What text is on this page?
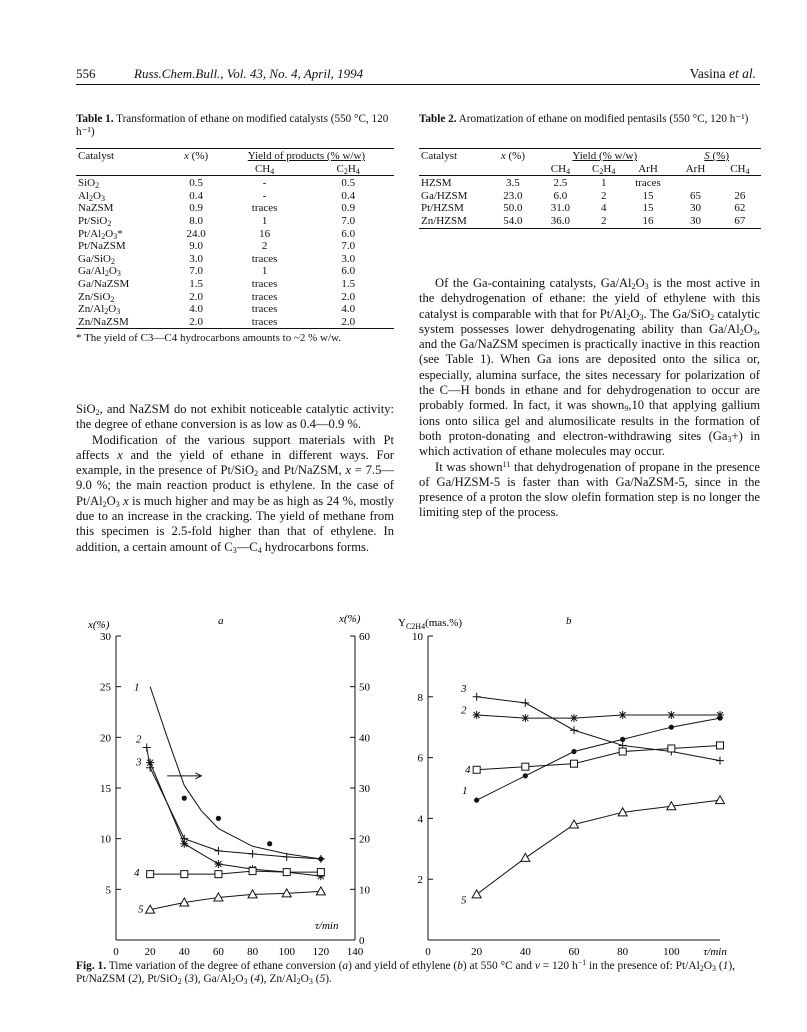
556	Russ.Chem.Bull., Vol. 43, No. 4, April, 1994	Vasina et al.
Table 1. Transformation of ethane on modified catalysts (550 °C, 120 h⁻¹)

Catalyst	x (%)	Yield of products (% w/w)		
		$CH_4$	$C_2H_4$	

SiO$_2$	0.5	-	0.5	
$Al_2O_3$	0.4	-	0.4	
NaZSM	0.9	traces	0.9	
Pt/SiO$_2$	8.0	1	7.0	
$Pt/Al_2O_3*$	24.0	16	6.0	
Pt/NaZSM	9.0	2	7.0	
Ga/SiO$_2$	3.0	traces	3.0	
$Ga/Al_2O_3$	7.0	1	6.0	
Ga/NaZSM	1.5	traces	1.5	
Zn/SiO$_2$	2.0	traces	2.0	
$Zn/Al_2O_3$	4.0	traces	4.0	
Zn/NaZSM	2.0	traces	2.0	

* The yield of C3—C4 hydrocarbons amounts to ~2 % w/w.
Table 2. Aromatization of ethane on modified pentasils (550 °C, 120 h⁻¹)

Catalyst	x (%)	Yield (% w/w)			S (%)	
		$CH_4$	$C_2H_4$	ArH	ArH	$CH_4$

HZSM	3.5	2.5	1	traces		
Ga/HZSM	23.0	6.0	2	15	65	26
Pt/HZSM	50.0	31.0	4	15	30	62
Zn/HZSM	54.0	36.0	2	16	30	67

SiO$_2$, and NaZSM do not exhibit noticeable catalytic activity: the degree of ethane conversion is as low as 0.4—0.9 %.

Modification of the various support materials with Pt affects x and the yield of ethane in different ways. For example, in the presence of Pt/SiO$_2$ and Pt/NaZSM, x = 7.5—9.0 %; the main reaction product is ethylene. In the case of $Pt/Al_2O_3$ x is much higher and may be as high as 24 %, mostly due to an increase in the cracking. The yield of methane from this specimen is 2.5-fold higher than that of ethylene. In addition, a certain amount of $C_3—C_4$ hydrocarbons forms.

Of the Ga-containing catalysts, $Ga/Al_2O_3$ is the most active in the dehydrogenation of ethane: the yield of ethylene with this catalyst is comparable with that for $Pt/Al_2O_3$. The Ga/SiO$_2$ catalytic system possesses lower dehydrogenating ability than $Ga/Al_2O_3$, and the Ga/NaZSM specimen is practically inactive in this reaction (see Table 1). When Ga ions are deposited onto the silica or, especially, alumina surface, the sites necessary for polarization of the C—H bonds in ethane and for dehydrogenation to occur are probably formed. In fact, it was shown$_9$,10 that applying gallium ions onto silica gel and alumosilicate results in the formation of both proton-donating and electron-withdrawing sites $(Ga_3+)$ in which activation of ethane molecules may occur.

It was shown$^{11}$ that dehydrogenation of propane in the presence of Ga/HZSM-5 is faster than with Ga/NaZSM-5, since in the presence of a proton the slow olefin formation step is no longer the limiting step of the process.

5
10
15
20
25
30
0
10
20
30
40
50
60
0 20 40 60 80 100 120 140
x(%)	x(%)
τ/min
a
1
2
3
4
5
2
4
6
8
10
0	20	40	60	80	100 τ/min
$Y_{C2H4}(mas.\%)$	b
1
2
3
4
5
Fig. 1. Time variation of the degree of ethane conversion (a) and yield of ethylene (b) at 550 °C and v = 120 $h^{-1}$ in the presence of: $Pt/Al_2O_3$ (1), Pt/NaZSM (2), Pt/SiO$_2$ (3), $Ga/Al_2O_3$ (4), $Zn/Al_2O_3$ (5).
